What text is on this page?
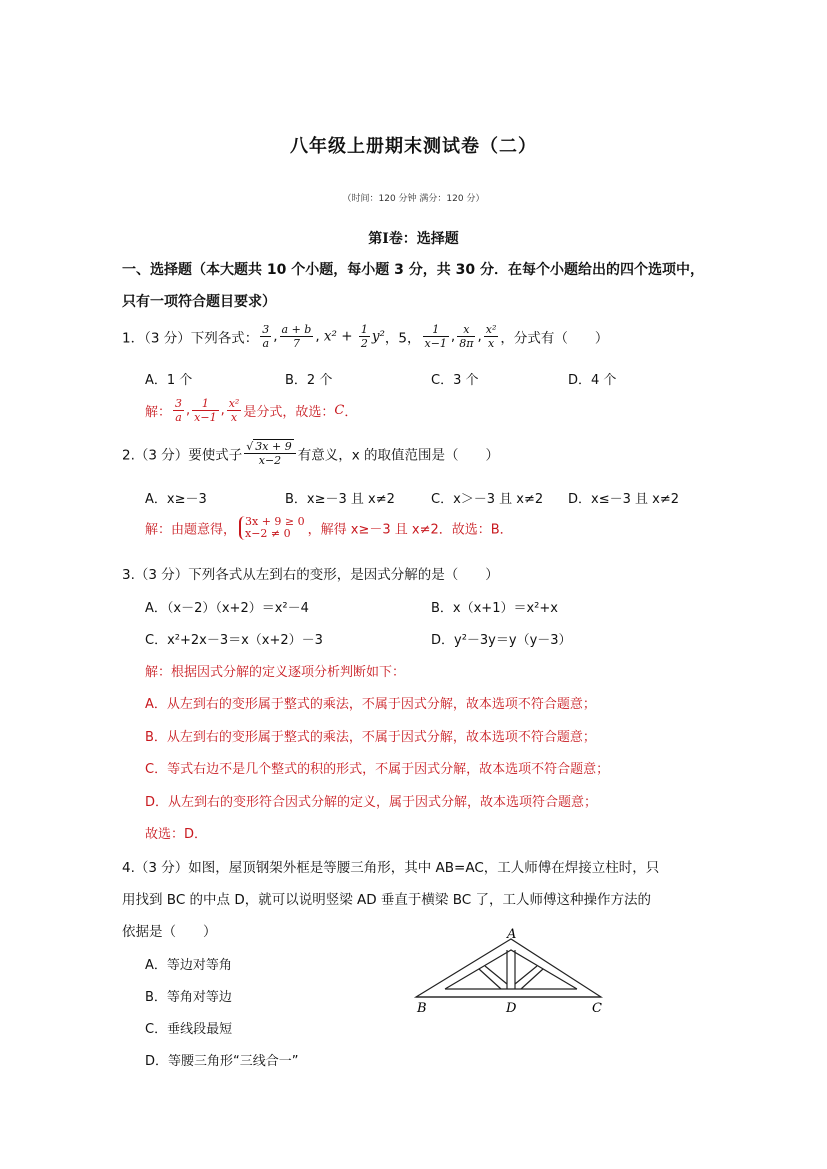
八年级上册期末测试卷（二）
（时间：120 分钟 满分：120 分）
第Ⅰ卷：选择题
一、选择题（本大题共 10 个小题，每小题 3 分，共 30 分．在每个小题给出的四个选项中，
只有一项符合题目要求）
1．（3 分）下列各式： $\frac{3}{a}$ , $\frac{a + b}{7}$ , $x^2 + \frac{1}{2} y^2$，5， $\frac{1}{x-1}$ , $\frac{x}{8\pi}$ , $\frac{\text{x²}}{x}$ ，分式有（　　）
A．1 个	B．2 个	C．3 个	D．4 个
解： $\frac{3}{a}$ , $\frac{1}{x-1}$ , $\frac{\text{x²}}{x}$ 是分式，故选：C．
2.（3 分）要使式子 $\frac{√ 3x + 9}{x-2}$ 有意义，x 的取值范围是（　　）
A．x≥－3	B．x≥－3 且 x≠2	C．x＞－3 且 x≠2 D．x≤－3 且 x≠2
解：由题意得，
3x + 9 ≥ 0
x−2 ≠ 0	，解得 x≥－3 且 x≠2．故选：B．
3.（3 分）下列各式从左到右的变形，是因式分解的是（　　）
A．（x－2）（x+2）＝x²－4	B．x（x+1）＝x²+x
C．x²+2x－3＝x（x+2）－3	D．y²－3y＝y（y－3）
解：根据因式分解的定义逐项分析判断如下：
A．从左到右的变形属于整式的乘法，不属于因式分解，故本选项不符合题意；
B．从左到右的变形属于整式的乘法，不属于因式分解，故本选项不符合题意；
C．等式右边不是几个整式的积的形式，不属于因式分解，故本选项不符合题意；
D．从左到右的变形符合因式分解的定义，属于因式分解，故本选项符合题意；
故选：D．
4.（3 分）如图，屋顶钢架外框是等腰三角形，其中 AB=AC，工人师傅在焊接立柱时，只
用找到 BC 的中点 D，就可以说明竖梁 AD 垂直于横梁 BC 了，工人师傅这种操作方法的
依据是（　　）
A．等边对等角
B．等角对等边
C．垂线段最短
D．等腰三角形“三线合一”
A
B	D	C
